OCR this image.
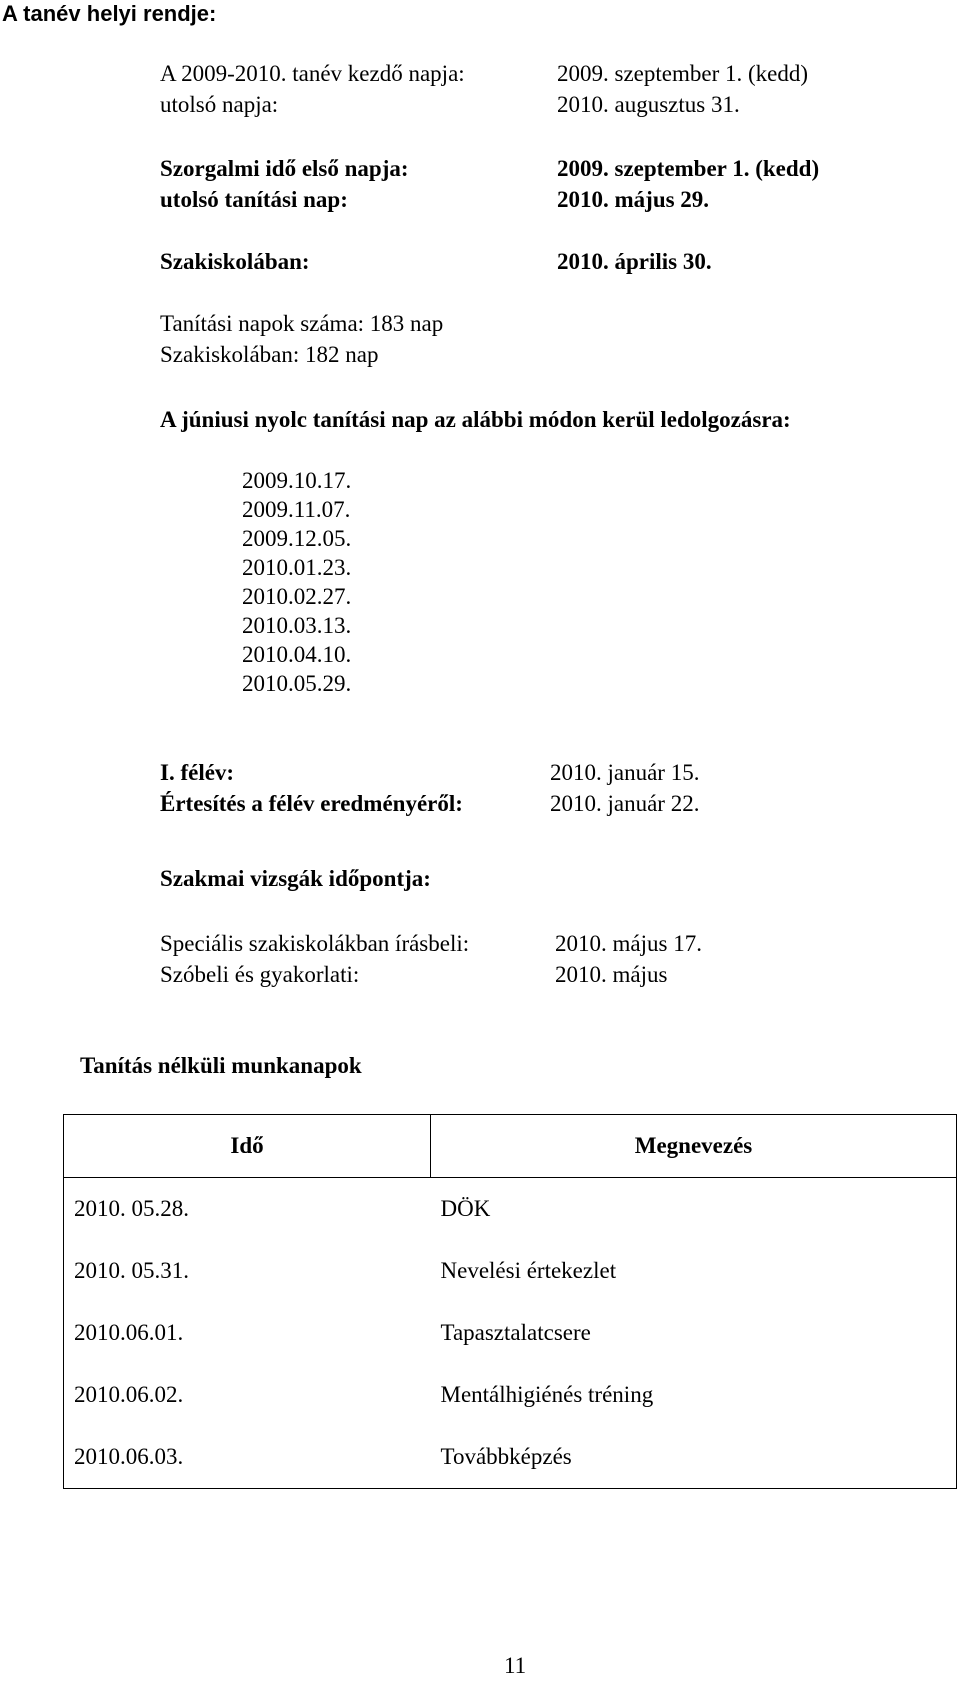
A tanév helyi rendje:
A 2009-2010. tanév kezdő napja:	2009. szeptember 1. (kedd)
utolsó napja:	2010. augusztus 31.
Szorgalmi idő első napja:	2009. szeptember 1. (kedd)
utolsó tanítási nap:	2010. május 29.
Szakiskolában:	2010. április 30.
Tanítási napok száma: 183 nap
Szakiskolában: 182 nap
A júniusi nyolc tanítási nap az alábbi módon kerül ledolgozásra:
2009.10.17.
2009.11.07.
2009.12.05.
2010.01.23.
2010.02.27.
2010.03.13.
2010.04.10.
2010.05.29.
I. félév:	2010. január 15.
Értesítés a félév eredményéről:	2010. január 22.
Szakmai vizsgák időpontja:
Speciális szakiskolákban írásbeli:	2010. május 17.
Szóbeli és gyakorlati:	2010. május
Tanítás nélküli munkanapok
Idő	Megnevezés
2010. 05.28.	DÖK
2010. 05.31.	Nevelési értekezlet
2010.06.01.	Tapasztalatcsere
2010.06.02.	Mentálhigiénés tréning
2010.06.03.	Továbbképzés
11
